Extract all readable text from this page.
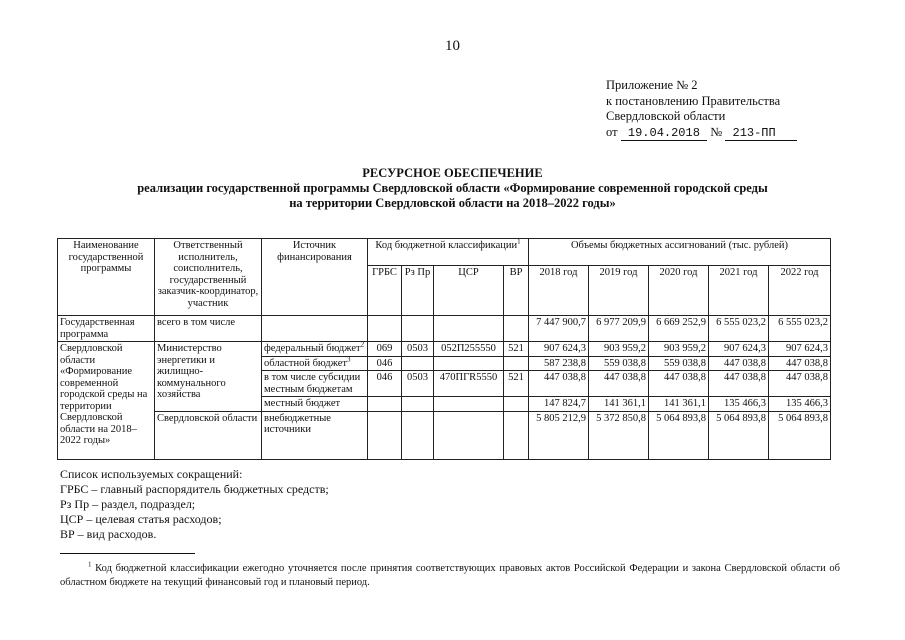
10
Приложение № 2
к постановлению Правительства
Свердловской области
от 19.04.2018 № 213-ПП
РЕСУРСНОЕ ОБЕСПЕЧЕНИЕ
реализации государственной программы Свердловской области «Формирование современной городской среды
на территории Свердловской области на 2018–2022 годы»
Наименование государственной программы	Ответственный исполнитель, соисполнитель, государственный заказчик-координатор, участник	Источник финансирования	Код бюджетной классификации$^1$				Объемы бюджетных ассигнований (тыс. рублей)				
			ГРБС	Рз Пр	ЦСР	ВР	2018 год	2019 год	2020 год	2021 год	2022 год
Государственная программа	всего в том числе						7 447 900,7	6 977 209,9	6 669 252,9	6 555 023,2	6 555 023,2
Свердловской области «Формирование современной городской среды на территории Свердловской области на 2018–2022 годы»	Министерство энергетики и жилищно-коммунального хозяйства	федеральный бюджет$^2$	069	0503	052П255550	521	907 624,3	903 959,2	903 959,2	907 624,3	907 624,3
		областной бюджет$^3$	046				587 238,8	559 038,8	559 038,8	447 038,8	447 038,8
		в том числе субсидии местным бюджетам	046	0503	470ПГR5550	521	447 038,8	447 038,8	447 038,8	447 038,8	447 038,8
		местный бюджет					147 824,7	141 361,1	141 361,1	135 466,3	135 466,3
	Свердловской области	внебюджетные источники					5 805 212,9	5 372 850,8	5 064 893,8	5 064 893,8	5 064 893,8
Список используемых сокращений:
ГРБС – главный распорядитель бюджетных средств;
Рз Пр – раздел, подраздел;
ЦСР – целевая статья расходов;
ВР – вид расходов.
$^1$ Код бюджетной классификации ежегодно уточняется после принятия соответствующих правовых актов Российской Федерации и закона Свердловской области об областном бюджете на текущий финансовый год и плановый период.
